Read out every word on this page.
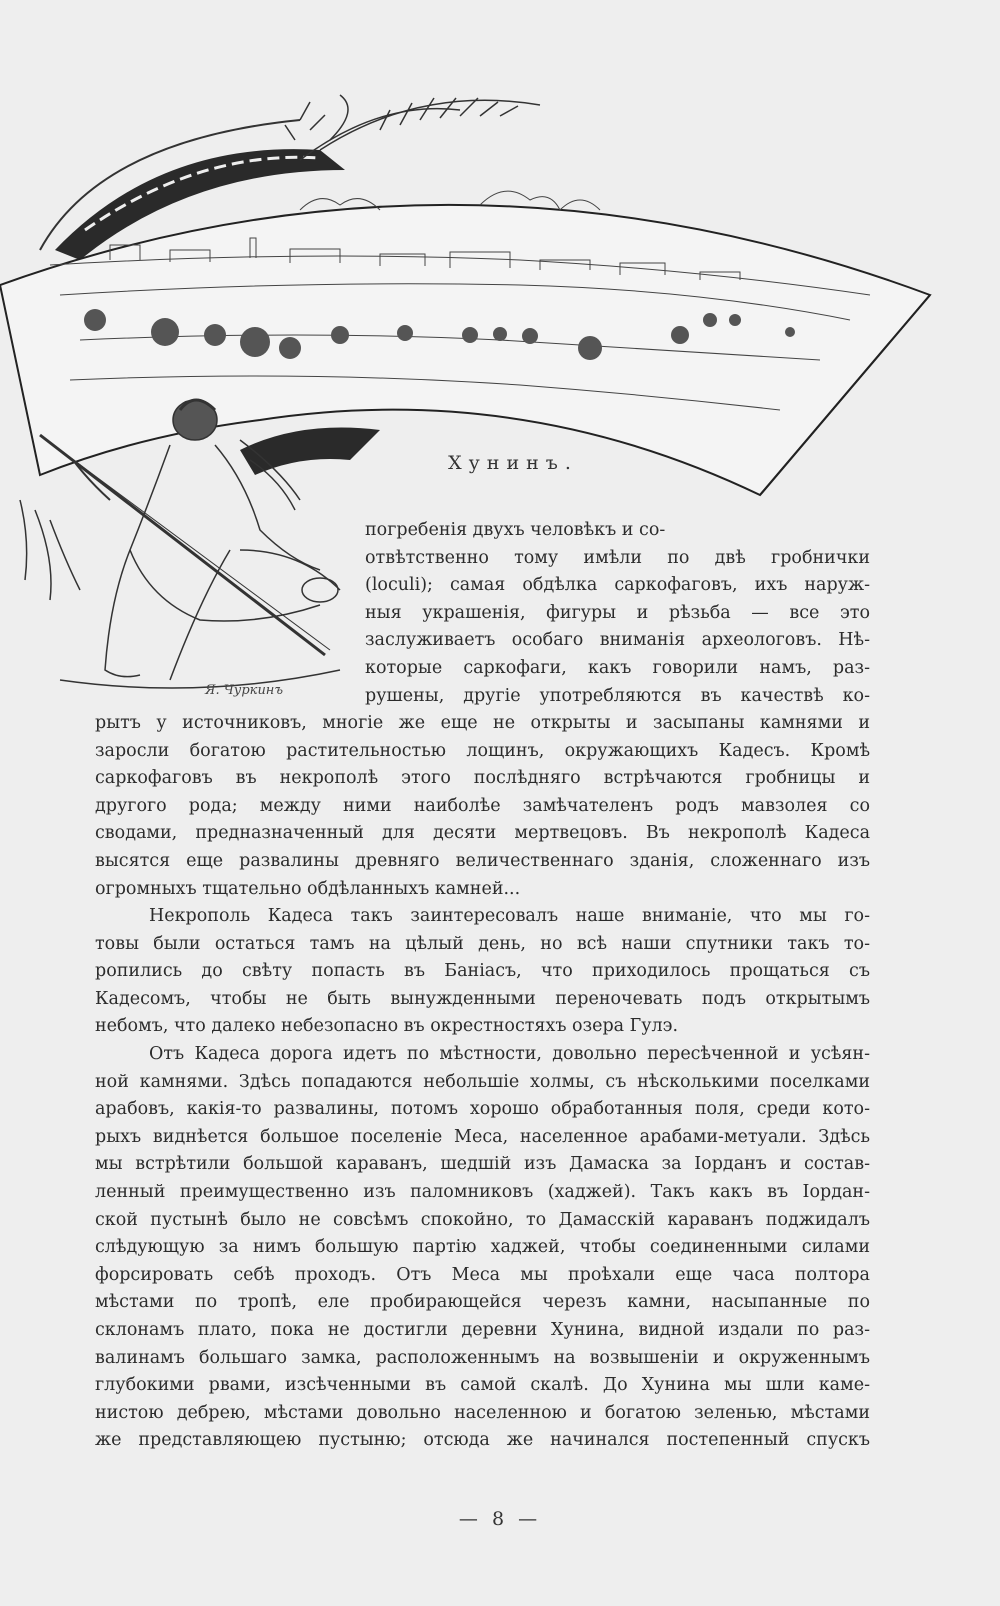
Хунинъ.
Я. Чуркинъ
погребенія двухъ человѣкъ и со-
отвѣтственно тому имѣли по двѣ гробнички
(loculi); самая обдѣлка саркофаговъ, ихъ наруж-
ныя украшенія, фигуры и рѣзьба — все это
заслуживаетъ особаго вниманія археологовъ. Нѣ-
которые саркофаги, какъ говорили намъ, раз-
рушены, другіе употребляются въ качествѣ ко-
рытъ у источниковъ, многіе же еще не открыты и засыпаны камнями и
заросли богатою растительностью лощинъ, окружающихъ Кадесъ. Кромѣ
саркофаговъ въ некрополѣ этого послѣдняго встрѣчаются гробницы и
другого рода; между ними наиболѣе замѣчателенъ родъ мавзолея со
сводами, предназначенный для десяти мертвецовъ. Въ некрополѣ Кадеса
высятся еще развалины древняго величественнаго зданія, сложеннаго изъ
огромныхъ тщательно обдѣланныхъ камней...
Некрополь Кадеса такъ заинтересовалъ наше вниманіе, что мы го-
товы были остаться тамъ на цѣлый день, но всѣ наши спутники такъ то-
ропились до свѣту попасть въ Баніасъ, что приходилось прощаться съ
Кадесомъ, чтобы не быть вынужденными переночевать подъ открытымъ
небомъ, что далеко небезопасно въ окрестностяхъ озера Гулэ.
Отъ Кадеса дорога идетъ по мѣстности, довольно пересѣченной и усѣян-
ной камнями. Здѣсь попадаются небольшіе холмы, съ нѣсколькими поселками
арабовъ, какія-то развалины, потомъ хорошо обработанныя поля, среди кото-
рыхъ виднѣется большое поселеніе Меса, населенное арабами-метуали. Здѣсь
мы встрѣтили большой караванъ, шедшій изъ Дамаска за Іорданъ и состав-
ленный преимущественно изъ паломниковъ (хаджей). Такъ какъ въ Іордан-
ской пустынѣ было не совсѣмъ спокойно, то Дамасскій караванъ поджидалъ
слѣдующую за нимъ большую партію хаджей, чтобы соединенными силами
форсировать себѣ проходъ. Отъ Меса мы проѣхали еще часа полтора
мѣстами по тропѣ, еле пробирающейся черезъ камни, насыпанные по
склонамъ плато, пока не достигли деревни Хунина, видной издали по раз-
валинамъ большаго замка, расположеннымъ на возвышеніи и окруженнымъ
глубокими рвами, изсѣченными въ самой скалѣ. До Хунина мы шли каме-
нистою дебрею, мѣстами довольно населенною и богатою зеленью, мѣстами
же представляющею пустыню; отсюда же начинался постепенный спускъ
— 8 —
